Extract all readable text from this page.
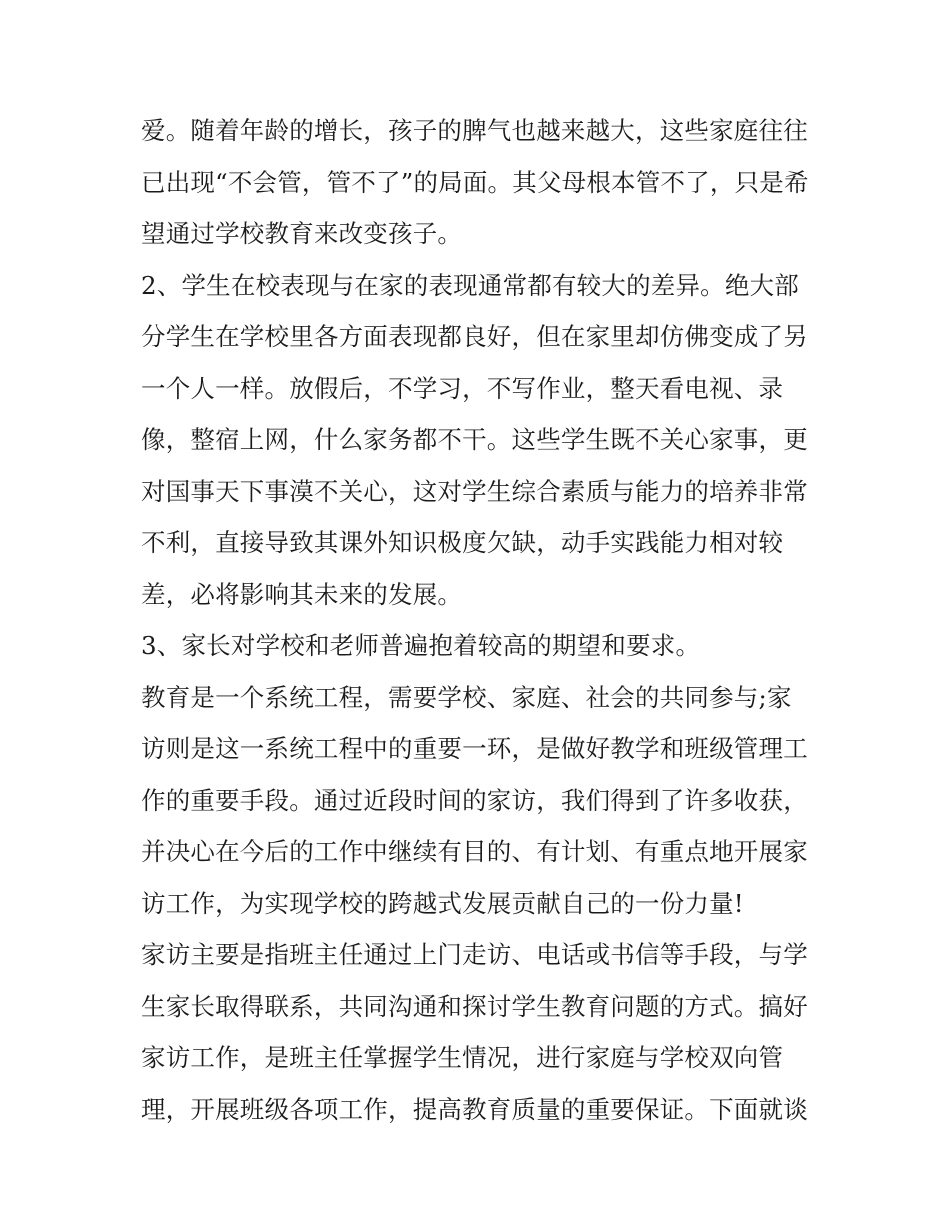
爱。随着年龄的增长，孩子的脾气也越来越大，这些家庭往往
已出现“不会管，管不了”的局面。其父母根本管不了，只是希
望通过学校教育来改变孩子。
2、学生在校表现与在家的表现通常都有较大的差异。绝大部
分学生在学校里各方面表现都良好，但在家里却仿佛变成了另
一个人一样。放假后，不学习，不写作业，整天看电视、录
像，整宿上网，什么家务都不干。这些学生既不关心家事，更
对国事天下事漠不关心，这对学生综合素质与能力的培养非常
不利，直接导致其课外知识极度欠缺，动手实践能力相对较
差，必将影响其未来的发展。
3、家长对学校和老师普遍抱着较高的期望和要求。
教育是一个系统工程，需要学校、家庭、社会的共同参与;家
访则是这一系统工程中的重要一环，是做好教学和班级管理工
作的重要手段。通过近段时间的家访，我们得到了许多收获，
并决心在今后的工作中继续有目的、有计划、有重点地开展家
访工作，为实现学校的跨越式发展贡献自己的一份力量!
家访主要是指班主任通过上门走访、电话或书信等手段，与学
生家长取得联系，共同沟通和探讨学生教育问题的方式。搞好
家访工作，是班主任掌握学生情况，进行家庭与学校双向管
理，开展班级各项工作，提高教育质量的重要保证。下面就谈
